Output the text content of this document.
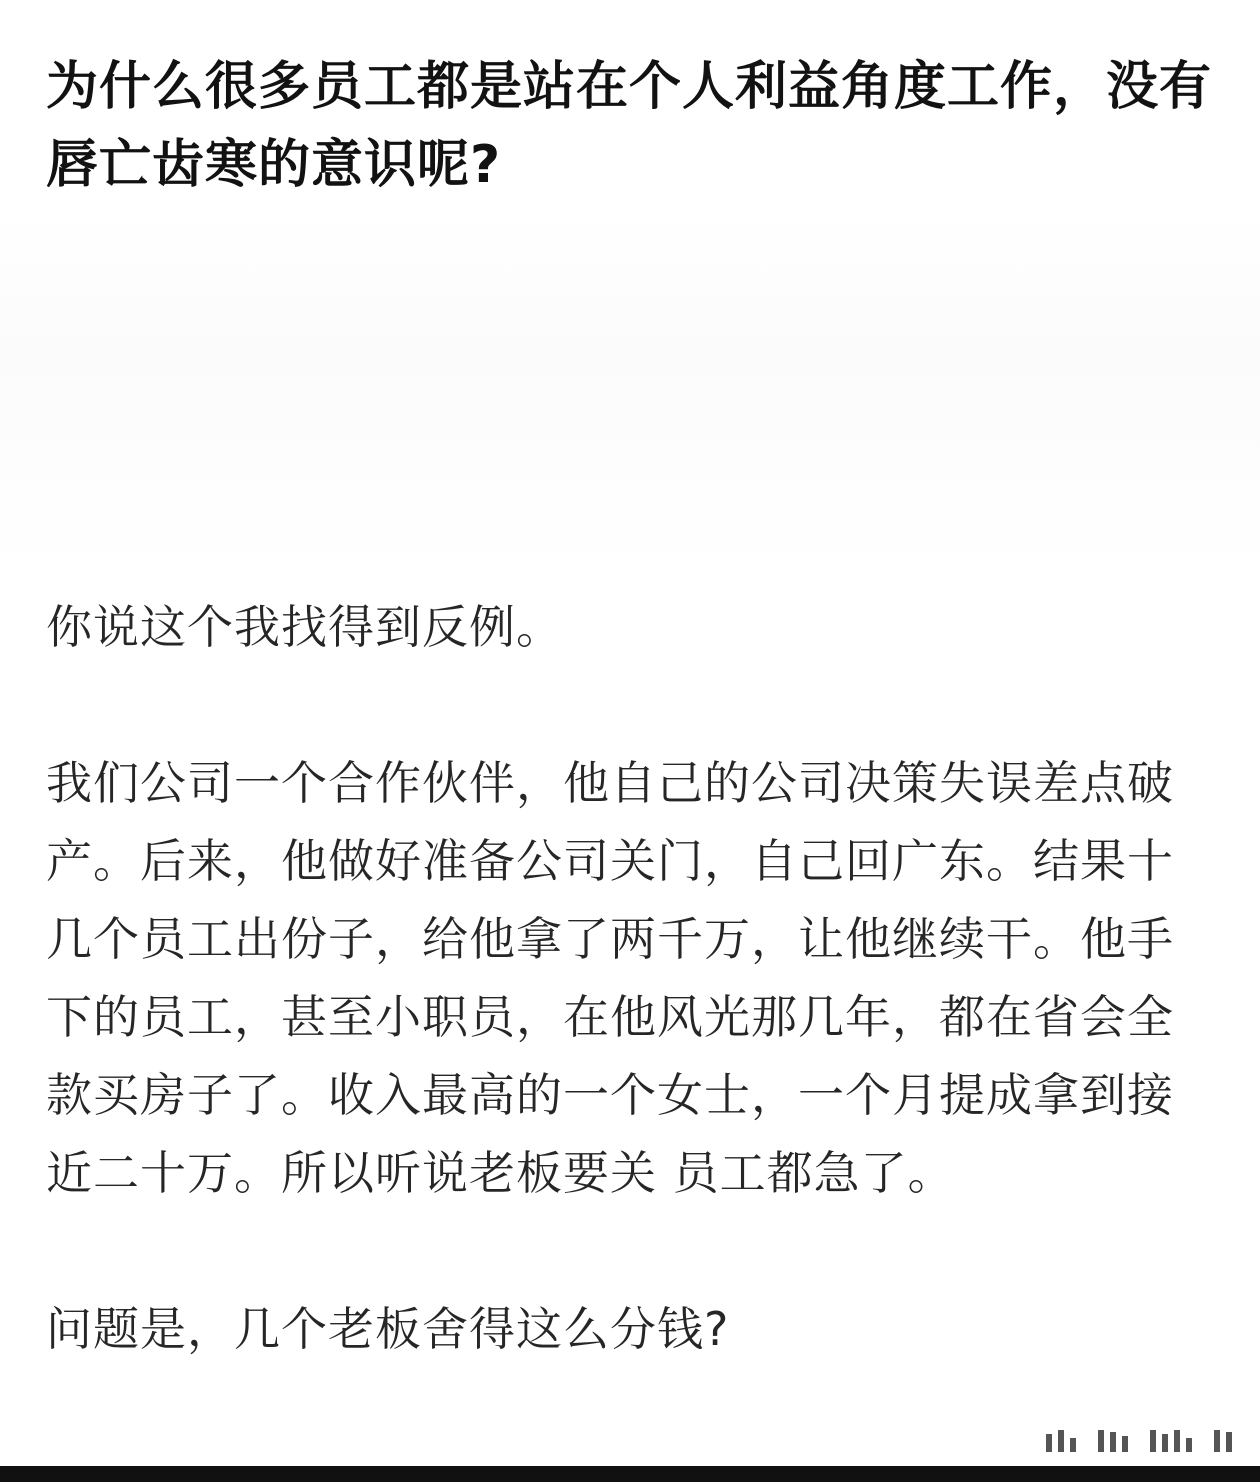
为什么很多员工都是站在个人利益角度工作，没有唇亡齿寒的意识呢?

你说这个我找得到反例。

我们公司一个合作伙伴，他自己的公司决策失误差点破产。后来，他做好准备公司关门，自己回广东。结果十几个员工出份子，给他拿了两千万，让他继续干。他手下的员工，甚至小职员，在他风光那几年，都在省会全款买房子了。收入最高的一个女士，一个月提成拿到接近二十万。所以听说老板要关 员工都急了。

问题是，几个老板舍得这么分钱?
